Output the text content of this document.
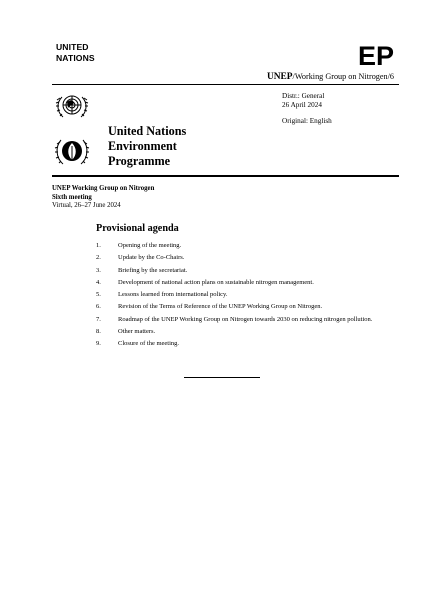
UNITED
NATIONS	EP
UNEP/Working Group on Nitrogen/6
United Nations
Environment
Programme
Distr.: General
26 April 2024
Original: English
UNEP Working Group on Nitrogen
Sixth meeting
Virtual, 26–27 June 2024
Provisional agenda
1.	Opening of the meeting.
2.	Update by the Co-Chairs.
3.	Briefing by the secretariat.
4.	Development of national action plans on sustainable nitrogen management.
5.	Lessons learned from international policy.
6.	Revision of the Terms of Reference of the UNEP Working Group on Nitrogen.
7.	Roadmap of the UNEP Working Group on Nitrogen towards 2030 on reducing nitrogen pollution.
8.	Other matters.
9.	Closure of the meeting.
